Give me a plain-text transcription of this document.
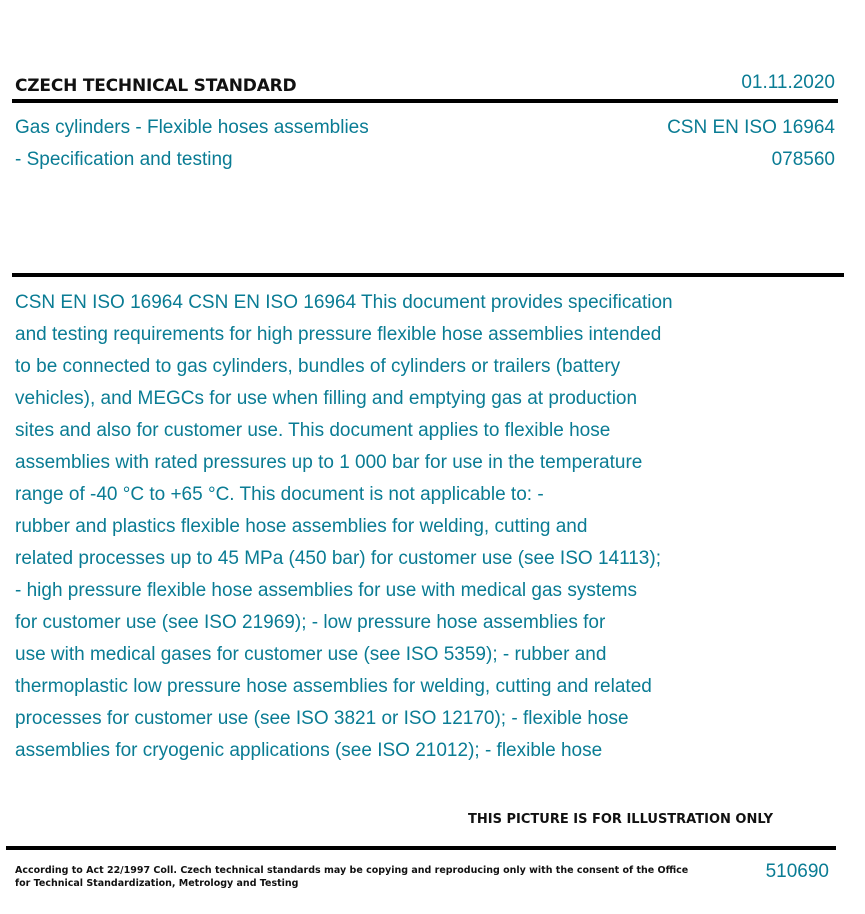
CZECH TECHNICAL STANDARD	01.11.2020
Gas cylinders - Flexible hoses assemblies
- Specification and testing
CSN EN ISO 16964
078560
CSN EN ISO 16964 CSN EN ISO 16964 This document provides specification
and testing requirements for high pressure flexible hose assemblies intended
to be connected to gas cylinders, bundles of cylinders or trailers (battery
vehicles), and MEGCs for use when filling and emptying gas at production
sites and also for customer use. This document applies to flexible hose
assemblies with rated pressures up to 1 000 bar for use in the temperature
range of -40 °C to +65 °C. This document is not applicable to: -
rubber and plastics flexible hose assemblies for welding, cutting and
related processes up to 45 MPa (450 bar) for customer use (see ISO 14113);
- high pressure flexible hose assemblies for use with medical gas systems
for customer use (see ISO 21969); - low pressure hose assemblies for
use with medical gases for customer use (see ISO 5359); - rubber and
thermoplastic low pressure hose assemblies for welding, cutting and related
processes for customer use (see ISO 3821 or ISO 12170); - flexible hose
assemblies for cryogenic applications (see ISO 21012); - flexible hose
THIS PICTURE IS FOR ILLUSTRATION ONLY
According to Act 22/1997 Coll. Czech technical standards may be copying and reproducing only with the consent of the Office
for Technical Standardization, Metrology and Testing
510690
